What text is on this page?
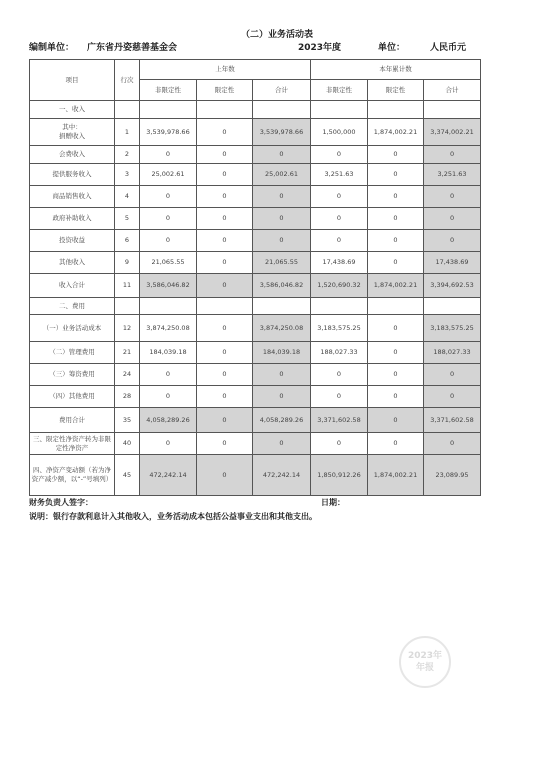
（二）业务活动表
编制单位： 广东省丹姿慈善基金会	2023年度	单位：	人民币元
项目	行次	上年数			本年累计数		
		非限定性	限定性	合计	非限定性	限定性	合计
一、收入							

其中：
捐赠收入	1	3,539,978.66	0	3,539,978.66	1,500,000	1,874,002.21	3,374,002.21
会费收入	2	0	0	0	0	0	0
提供服务收入	3	25,002.61	0	25,002.61	3,251.63	0	3,251.63
商品销售收入	4	0	0	0	0	0	0
政府补助收入	5	0	0	0	0	0	0
投资收益	6	0	0	0	0	0	0
其他收入	9	21,065.55	0	21,065.55	17,438.69	0	17,438.69
收入合计	11	3,586,046.82	0	3,586,046.82	1,520,690.32	1,874,002.21	3,394,692.53
二、费用							
（一）业务活动成本	12	3,874,250.08	0	3,874,250.08	3,183,575.25	0	3,183,575.25
（二）管理费用	21	184,039.18	0	184,039.18	188,027.33	0	188,027.33
（三）筹资费用	24	0	0	0	0	0	0
（四）其他费用	28	0	0	0	0	0	0
费用合计	35	4,058,289.26	0	4,058,289.26	3,371,602.58	0	3,371,602.58
三、限定性净资产转为非限定性净资产	40	0	0	0	0	0	0
四、净资产变动额（若为净资产减少额，以“-”号填列）	45	472,242.14	0	472,242.14	1,850,912.26	1,874,002.21	23,089.95
财务负责人签字：	日期：
说明：银行存款利息计入其他收入，业务活动成本包括公益事业支出和其他支出。
2023年
年报
